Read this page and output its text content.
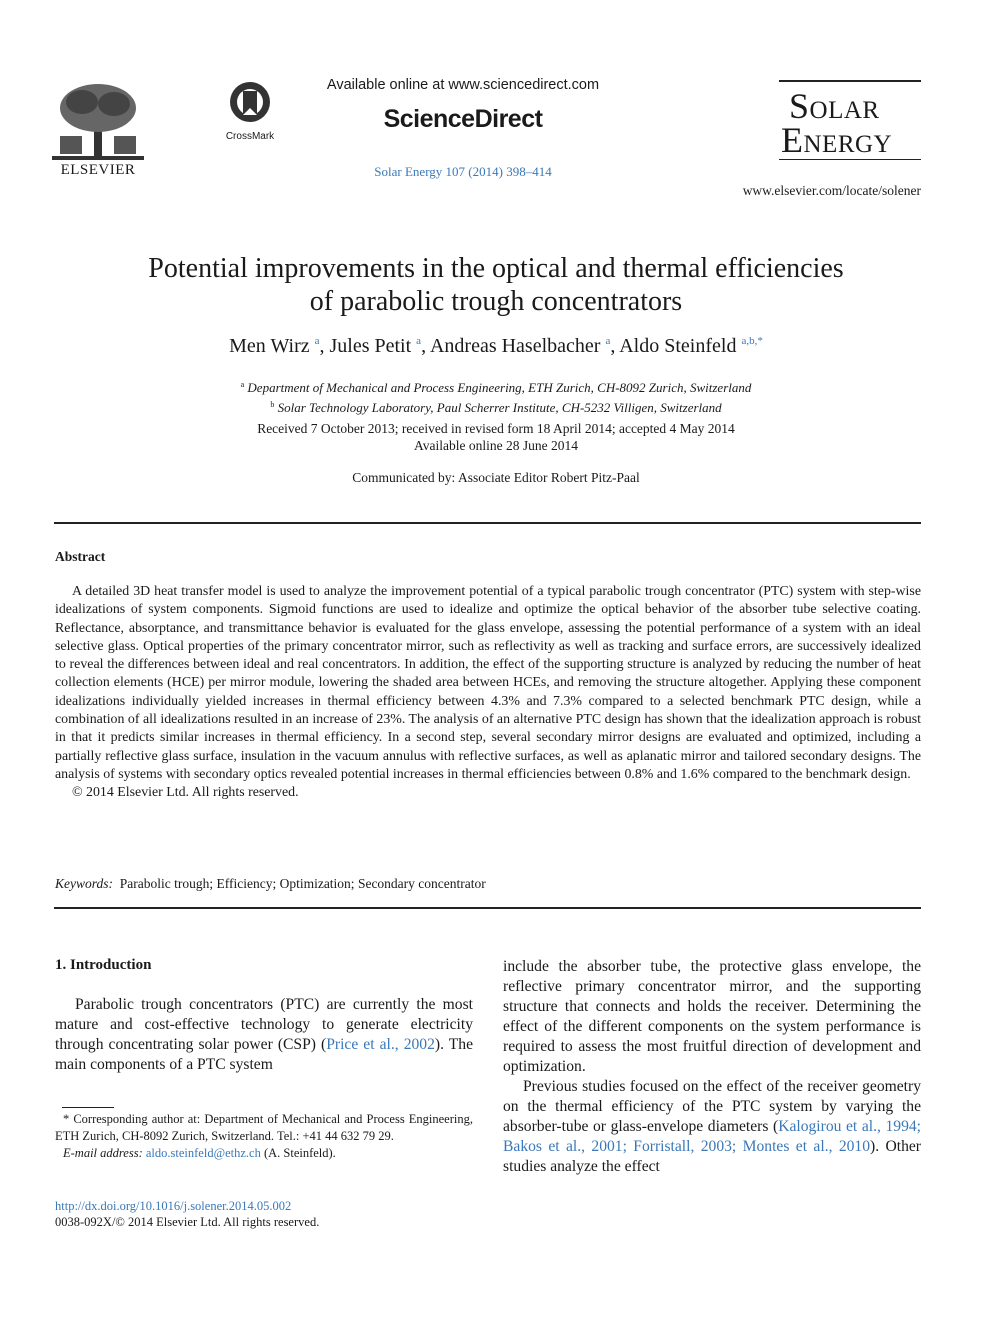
ELSEVIER
CrossMark
Available online at www.sciencedirect.com
ScienceDirect
Solar Energy 107 (2014) 398–414
Solar
Energy
www.elsevier.com/locate/solener
Potential improvements in the optical and thermal efficiencies
of parabolic trough concentrators
Men Wirz $^a$, Jules Petit $^a$, Andreas Haselbacher $^a$, Aldo Steinfeld $^{a,b,*}$
$^a$ Department of Mechanical and Process Engineering, ETH Zurich, CH-8092 Zurich, Switzerland
$^b$ Solar Technology Laboratory, Paul Scherrer Institute, CH-5232 Villigen, Switzerland
Received 7 October 2013; received in revised form 18 April 2014; accepted 4 May 2014
Available online 28 June 2014
Communicated by: Associate Editor Robert Pitz-Paal
Abstract

A detailed 3D heat transfer model is used to analyze the improvement potential of a typical parabolic trough concentrator (PTC) system with step-wise idealizations of system components. Sigmoid functions are used to idealize and optimize the optical behavior of the absorber tube selective coating. Reflectance, absorptance, and transmittance behavior is evaluated for the glass envelope, assessing the potential performance of a system with an ideal selective glass. Optical properties of the primary concentrator mirror, such as reflectivity as well as tracking and surface errors, are successively idealized to reveal the differences between ideal and real concentrators. In addition, the effect of the supporting structure is analyzed by reducing the number of heat collection elements (HCE) per mirror module, lowering the shaded area between HCEs, and removing the structure altogether. Applying these component idealizations individually yielded increases in thermal efficiency between 4.3% and 7.3% compared to a selected benchmark PTC design, while a combination of all idealizations resulted in an increase of 23%. The analysis of an alternative PTC design has shown that the idealization approach is robust in that it predicts similar increases in thermal efficiency. In a second step, several secondary mirror designs are evaluated and optimized, including a partially reflective glass surface, insulation in the vacuum annulus with reflective surfaces, as well as aplanatic mirror and tailored secondary designs. The analysis of systems with secondary optics revealed potential increases in thermal efficiencies between 0.8% and 1.6% compared to the benchmark design.

© 2014 Elsevier Ltd. All rights reserved.

Keywords: Parabolic trough; Efficiency; Optimization; Secondary concentrator
1. Introduction

Parabolic trough concentrators (PTC) are currently the most mature and cost-effective technology to generate electricity through concentrating solar power (CSP) (Price et al., 2002). The main components of a PTC system

include the absorber tube, the protective glass envelope, the reflective primary concentrator mirror, and the supporting structure that connects and holds the receiver. Determining the effect of the different components on the system performance is required to assess the most fruitful direction of development and optimization.

Previous studies focused on the effect of the receiver geometry on the thermal efficiency of the PTC system by varying the absorber-tube or glass-envelope diameters (Kalogirou et al., 1994; Bakos et al., 2001; Forristall, 2003; Montes et al., 2010). Other studies analyze the effect

* Corresponding author at: Department of Mechanical and Process Engineering, ETH Zurich, CH-8092 Zurich, Switzerland. Tel.: +41 44 632 79 29.

E-mail address: aldo.steinfeld@ethz.ch (A. Steinfeld).

http://dx.doi.org/10.1016/j.solener.2014.05.002
0038-092X/© 2014 Elsevier Ltd. All rights reserved.
